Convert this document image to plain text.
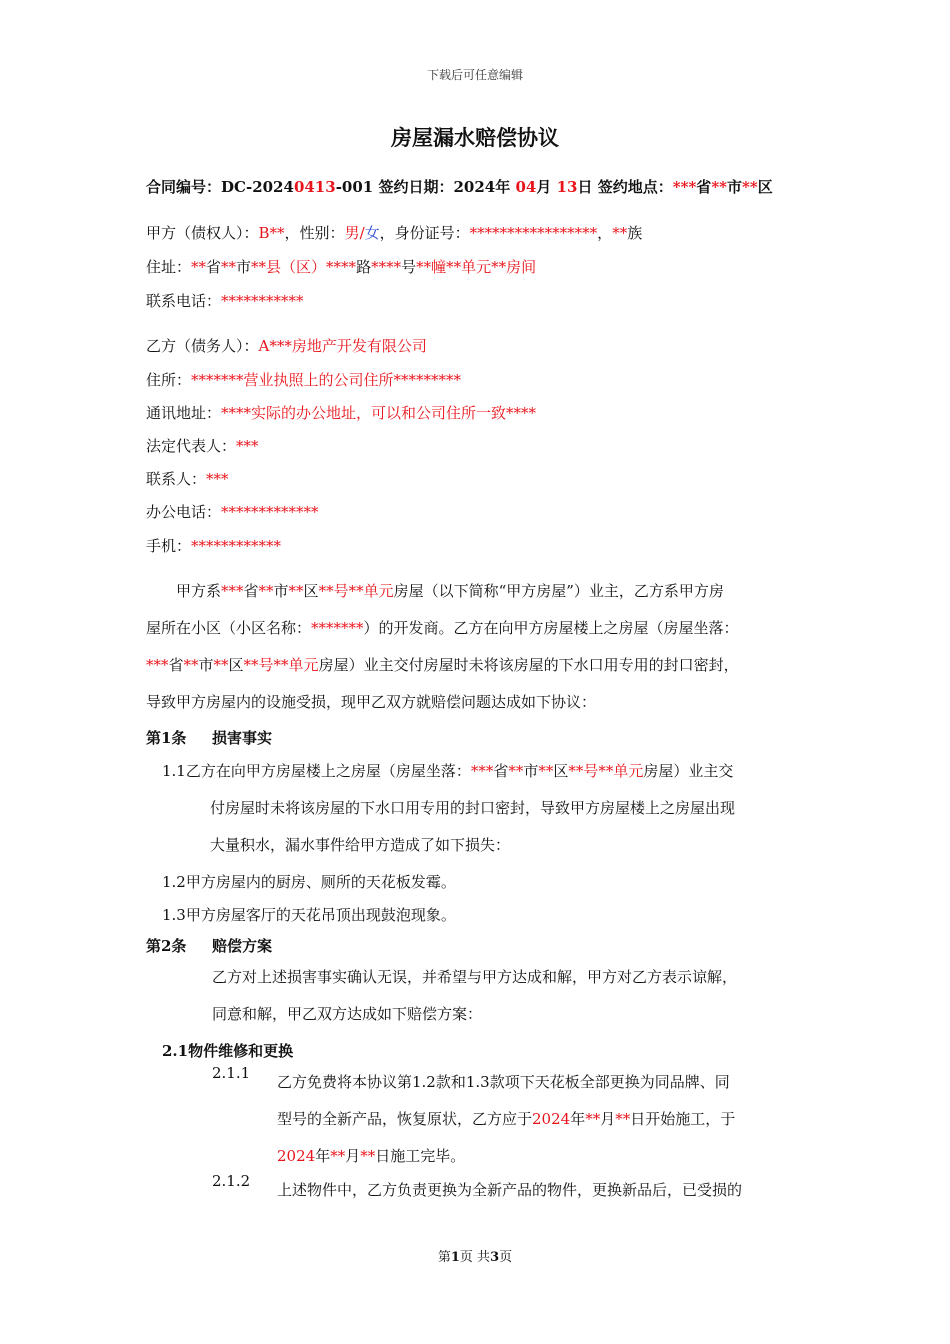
下载后可任意编辑
房屋漏水赔偿协议
合同编号：DC-20240413-001 签约日期：2024年 04月 13日 签约地点：***省**市**区
甲方（债权人）：B**，性别：男/女，身份证号：*****************，**族
住址：**省**市**县（区）****路****号**幢**单元**房间
联系电话：***********
乙方（债务人）：A***房地产开发有限公司
住所：*******营业执照上的公司住所*********
通讯地址：****实际的办公地址，可以和公司住所一致****
法定代表人：***
联系人：***
办公电话：*************
手机：************
甲方系***省**市**区**号**单元房屋（以下简称“甲方房屋”）业主，乙方系甲方房
屋所在小区（小区名称：*******）的开发商。乙方在向甲方房屋楼上之房屋（房屋坐落：
***省**市**区**号**单元房屋）业主交付房屋时未将该房屋的下水口用专用的封口密封，
导致甲方房屋内的设施受损，现甲乙双方就赔偿问题达成如下协议：
第1条 损害事实
1.1乙方在向甲方房屋楼上之房屋（房屋坐落：***省**市**区**号**单元房屋）业主交
付房屋时未将该房屋的下水口用专用的封口密封，导致甲方房屋楼上之房屋出现
大量积水，漏水事件给甲方造成了如下损失：
1.2甲方房屋内的厨房、厕所的天花板发霉。
1.3甲方房屋客厅的天花吊顶出现鼓泡现象。
第2条 赔偿方案
乙方对上述损害事实确认无误，并希望与甲方达成和解，甲方对乙方表示谅解，
同意和解，甲乙双方达成如下赔偿方案：
2.1物件维修和更换
2.1.1 乙方免费将本协议第1.2款和1.3款项下天花板全部更换为同品牌、同
型号的全新产品，恢复原状，乙方应于2024年**月**日开始施工，于
2024年**月**日施工完毕。
2.1.2 上述物件中，乙方负责更换为全新产品的物件，更换新品后，已受损的
第1页 共3页
